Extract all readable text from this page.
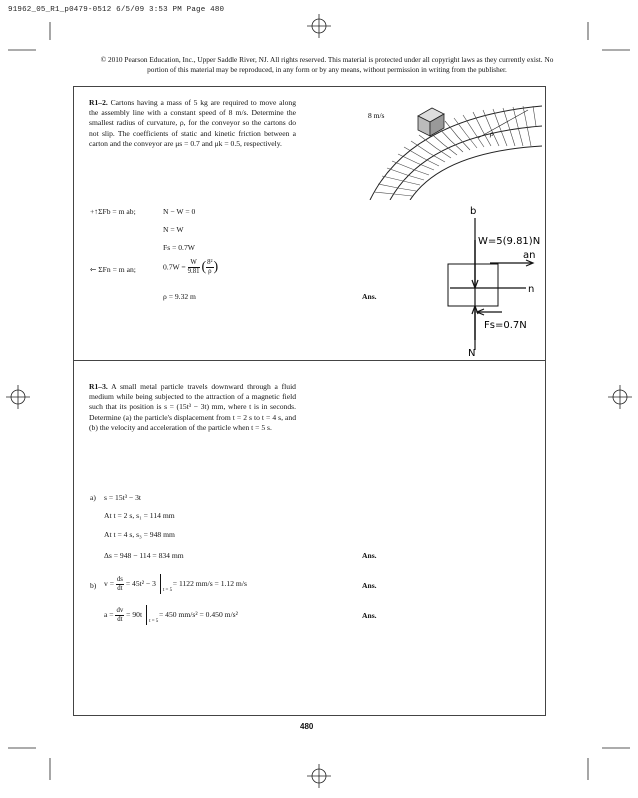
91962_05_R1_p0479-0512 6/5/09 3:53 PM Page 480
© 2010 Pearson Education, Inc., Upper Saddle River, NJ. All rights reserved. This material is protected under all copyright laws as they currently exist. No portion of this material may be reproduced, in any form or by any means, without permission in writing from the publisher.
R1–2. Cartons having a mass of 5 kg are required to move along the assembly line with a constant speed of 8 m/s. Determine the smallest radius of curvature, ρ, for the conveyor so the cartons do not slip. The coefficients of static and kinetic friction between a carton and the conveyor are μs = 0.7 and μk = 0.5, respectively.
8 m/s
ρ
+↑ΣFb = m ab;	N − W = 0
N = W
Fs = 0.7W
⇽ ΣFn = m an;	$0.7W = \frac{W}{9.81}$ ( $\frac{\text{8²}}{\rho}$ )
ρ = 9.32 m	Ans.
b
W=5(9.81)N
an
n
Fs=0.7N
N
R1–3. A small metal particle travels downward through a fluid medium while being subjected to the attraction of a magnetic field such that its position is s = (15t³ − 3t) mm, where t is in seconds. Determine (a) the particle's displacement from t = 2 s to t = 4 s, and (b) the velocity and acceleration of the particle when t = 5 s.
a) s = 15t³ − 3t
At t = 2 s, s₁ = 114 mm
At t = 4 s, s₃ = 948 mm
Δs = 948 − 114 = 834 mm	Ans.
b) $v = \frac{ds}{dt} = 45t^2 - 3$
t = 5
= 1122 mm/s = 1.12 m/s	Ans.
$a = \frac{dv}{dt} = 90t$
t = 5
= 450 mm/s² = 0.450 m/s²	Ans.
480
